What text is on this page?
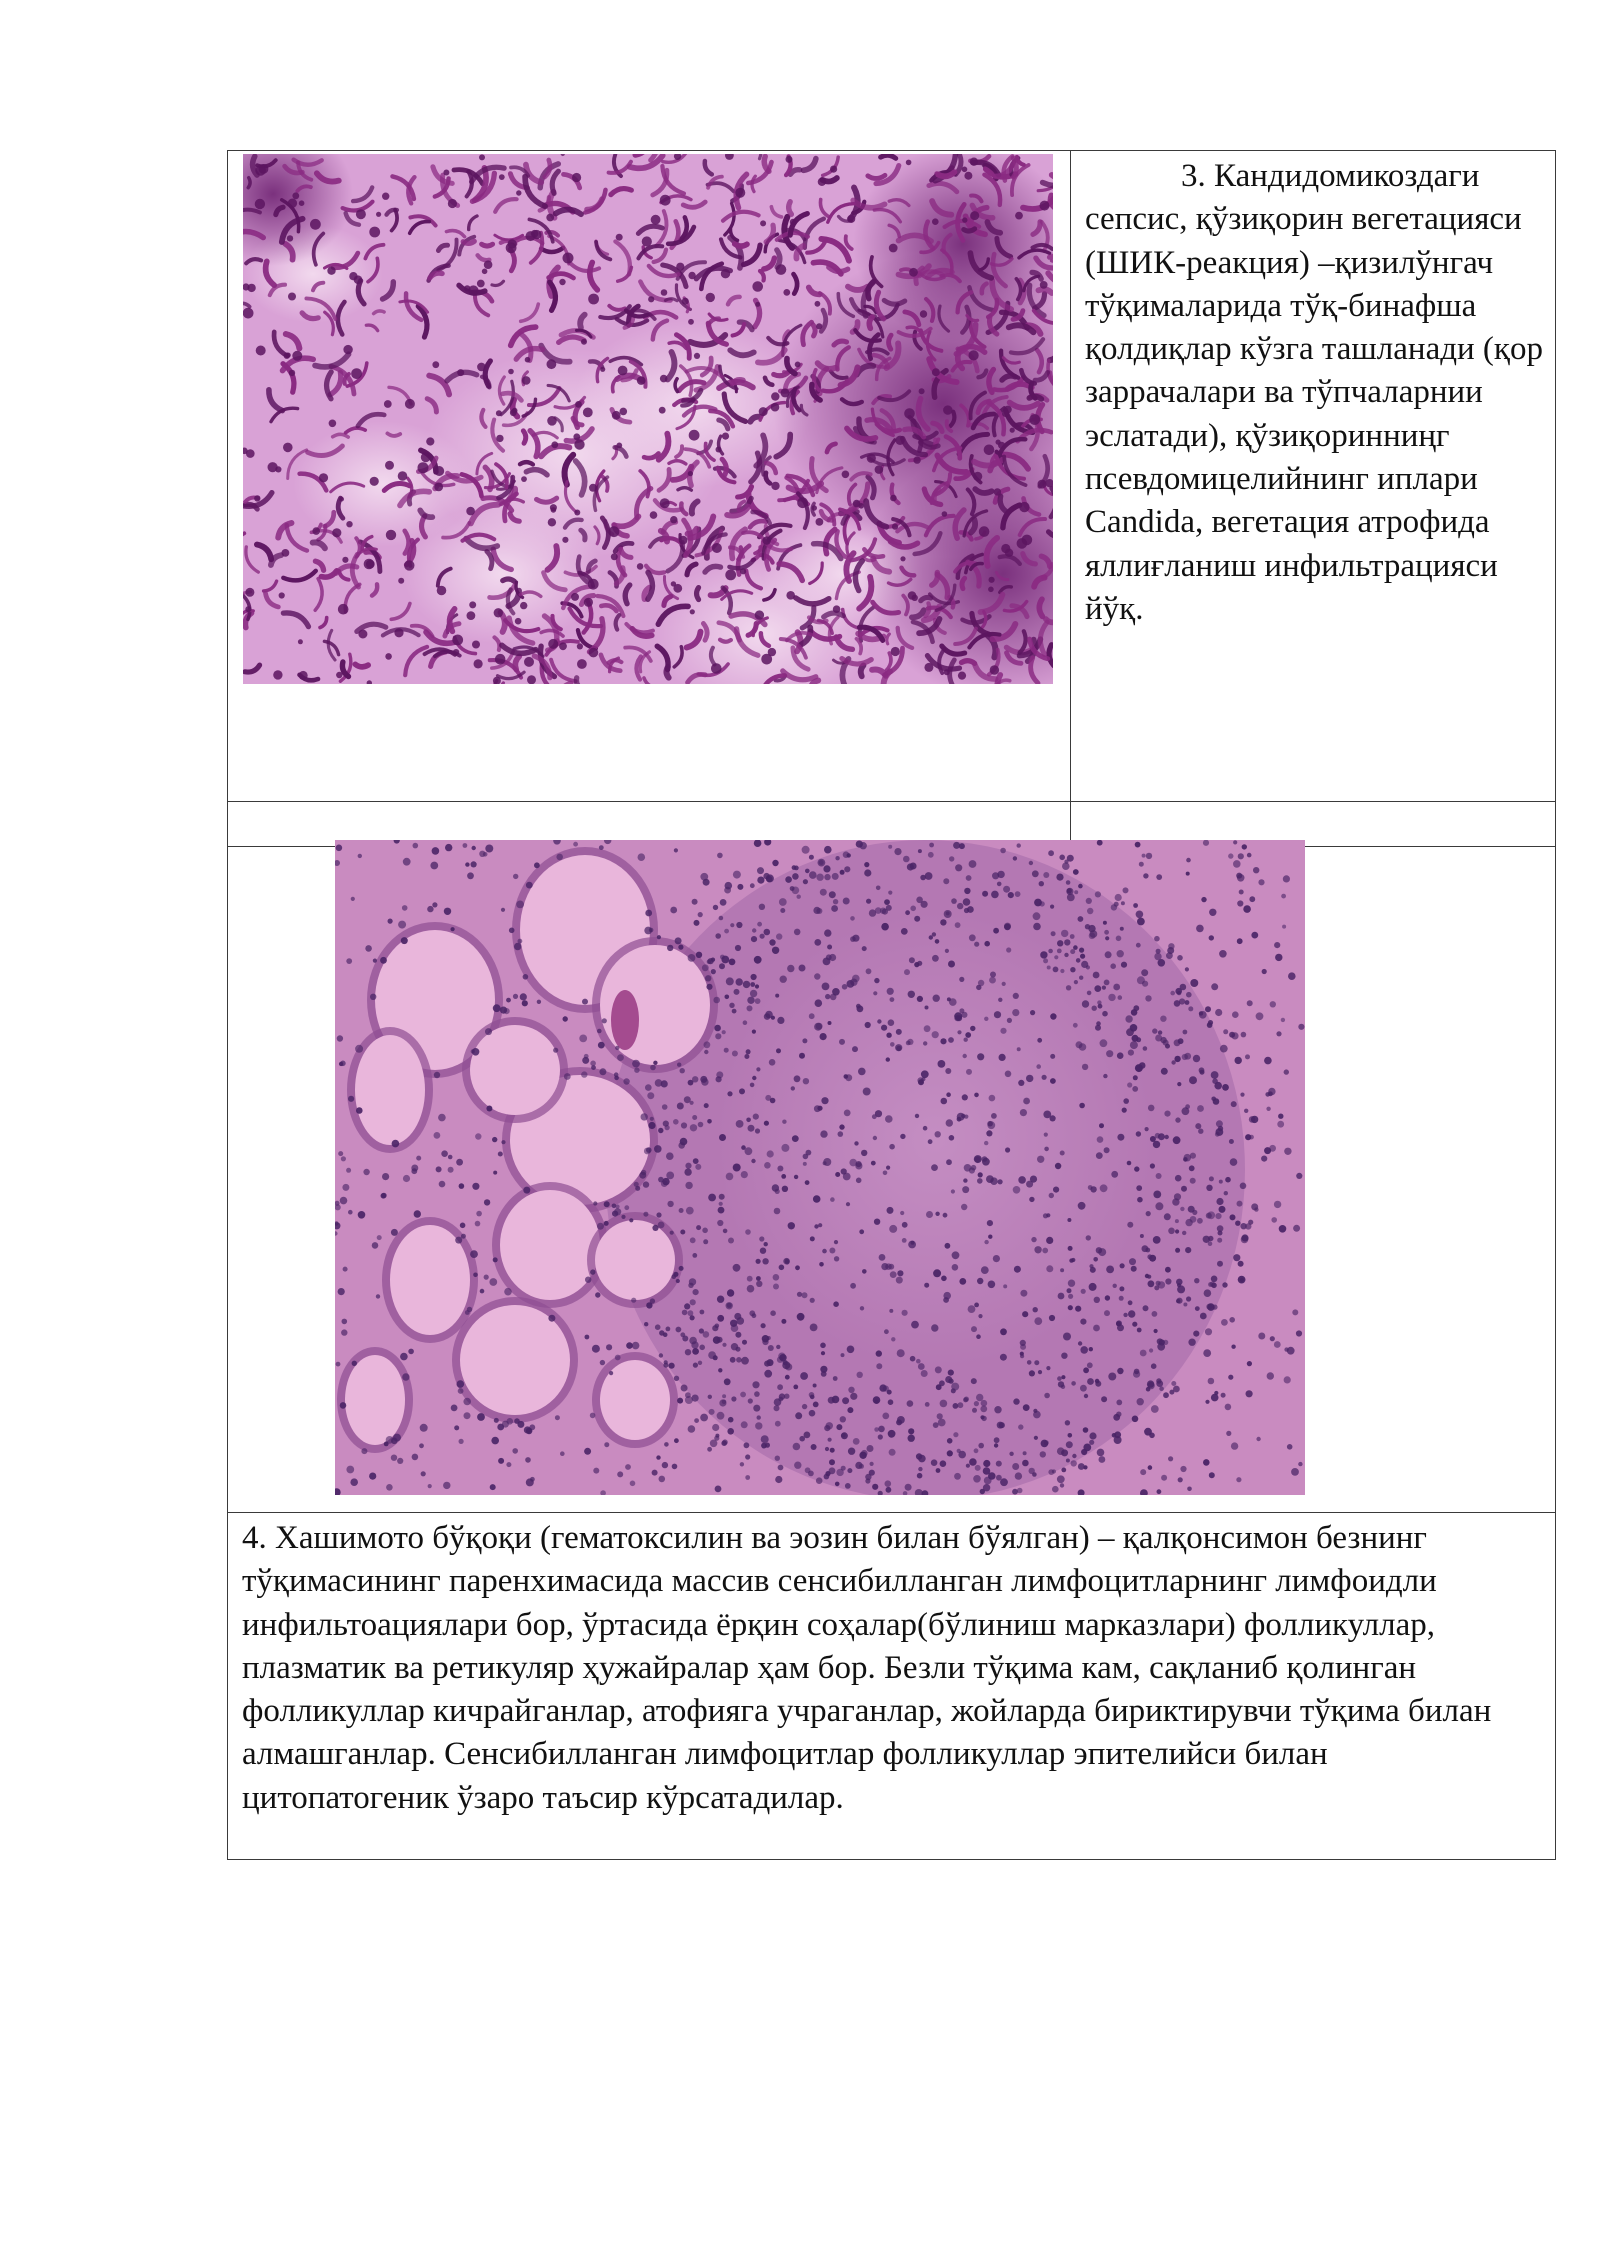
	3. Кандидомикоздаги сепсис, қўзиқорин вегетацияси (ШИК-реакция) –қизилўнгач тўқималарида тўқ-бинафша қолдиқлар кўзга ташланади (қор заррачалари ва тўпчаларнии эслатади), қўзиқоринниңг псевдомицелийнинг иплари Candida, вегетация атрофида яллиғланиш инфильтрацияси йўқ.

4. Хашимото бўқоқи (гематоксилин ва эозин билан бўялган) – қалқонсимон безнинг тўқимасининг паренхимасида массив сенсибилланган лимфоцитларнинг лимфоидли инфильтоациялари бор, ўртасида ёрқин соҳалар(бўлиниш марказлари) фолликуллар, плазматик ва ретикуляр ҳужайралар ҳам бор. Безли тўқима кам, сақланиб қолинган фолликуллар кичрайганлар, атофияга учраганлар, жойларда бириктирувчи тўқима билан алмашганлар. Сенсибилланган лимфоцитлар фолликуллар эпителийси билан цитопатогеник ўзаро таъсир кўрсатадилар.	
